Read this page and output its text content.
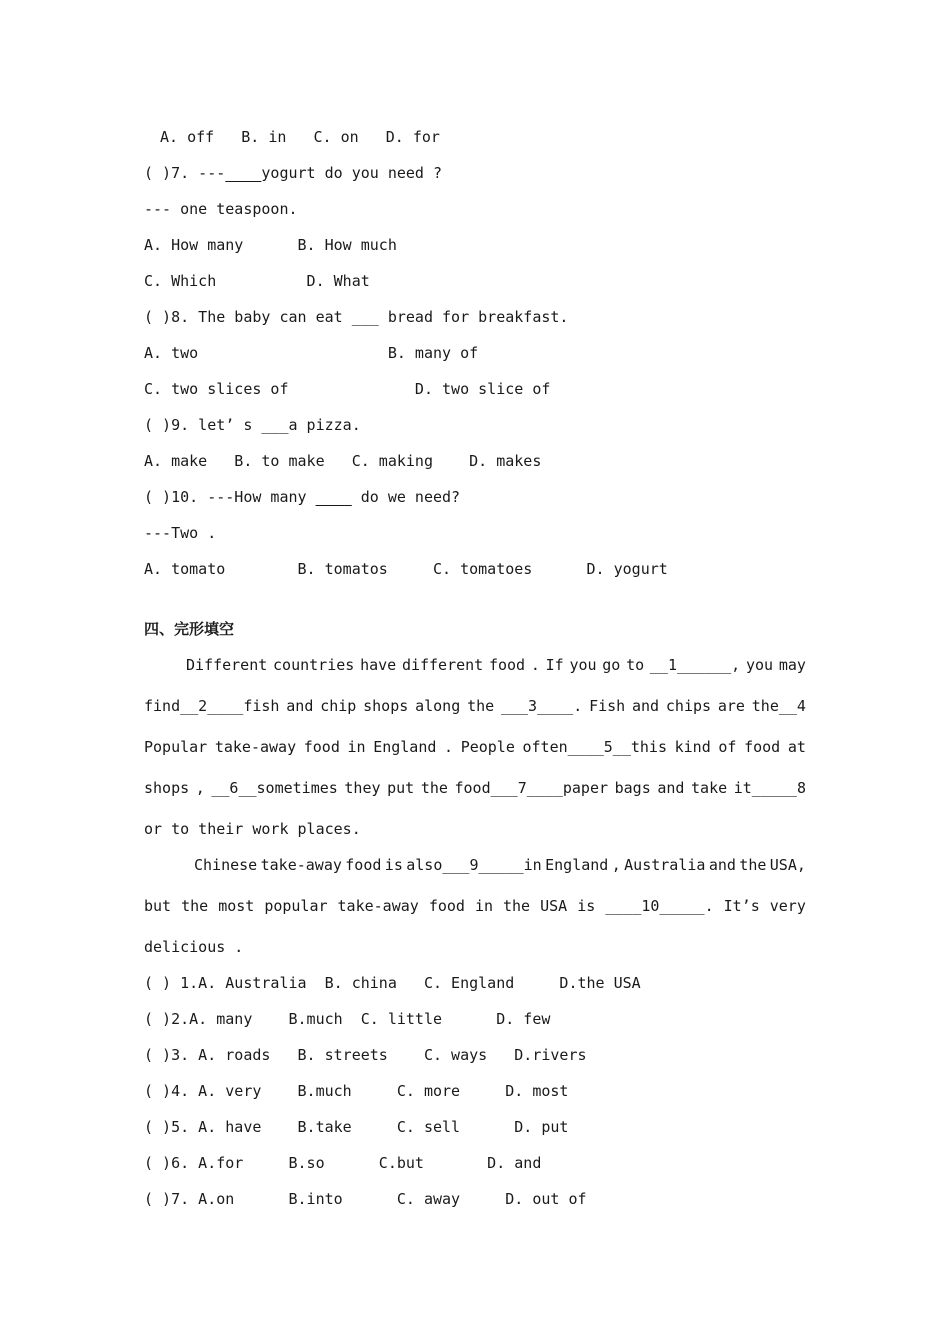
A. off   B. in   C. on   D. for
( )7. --- yogurt do you need ?
--- one teaspoon.
A. How many      B. How much
C. Which          D. What
( )8. The baby can eat ___ bread for breakfast.
A. two                     B. many of
C. two slices of              D. two slice of
( )9. let’ s ___a pizza.
A. make   B. to make   C. making    D. makes
( )10. ---How many ____ do we need?
---Two .
A. tomato        B. tomatos     C. tomatoes      D. yogurt
四、完形填空
Different countries have different food . If you go to __1______, you may
find__2____fish and chip shops along the ___3____. Fish and chips are the__4
Popular take-away food in England . People often____5__this kind of food at
shops , __6__sometimes they put the food___7____paper bags and take it_____8
or to their work places.
Chinese take-away food is also___9_____in England , Australia and the USA,
but the most popular take-away food in the USA is ____10_____. It’s very
delicious .
( ) 1.A. Australia  B. china   C. England     D.the USA
( )2.A. many    B.much  C. little      D. few
( )3. A. roads   B. streets    C. ways   D.rivers
( )4. A. very    B.much     C. more     D. most
( )5. A. have    B.take     C. sell      D. put
( )6. A.for     B.so      C.but       D. and
( )7. A.on      B.into      C. away     D. out of
